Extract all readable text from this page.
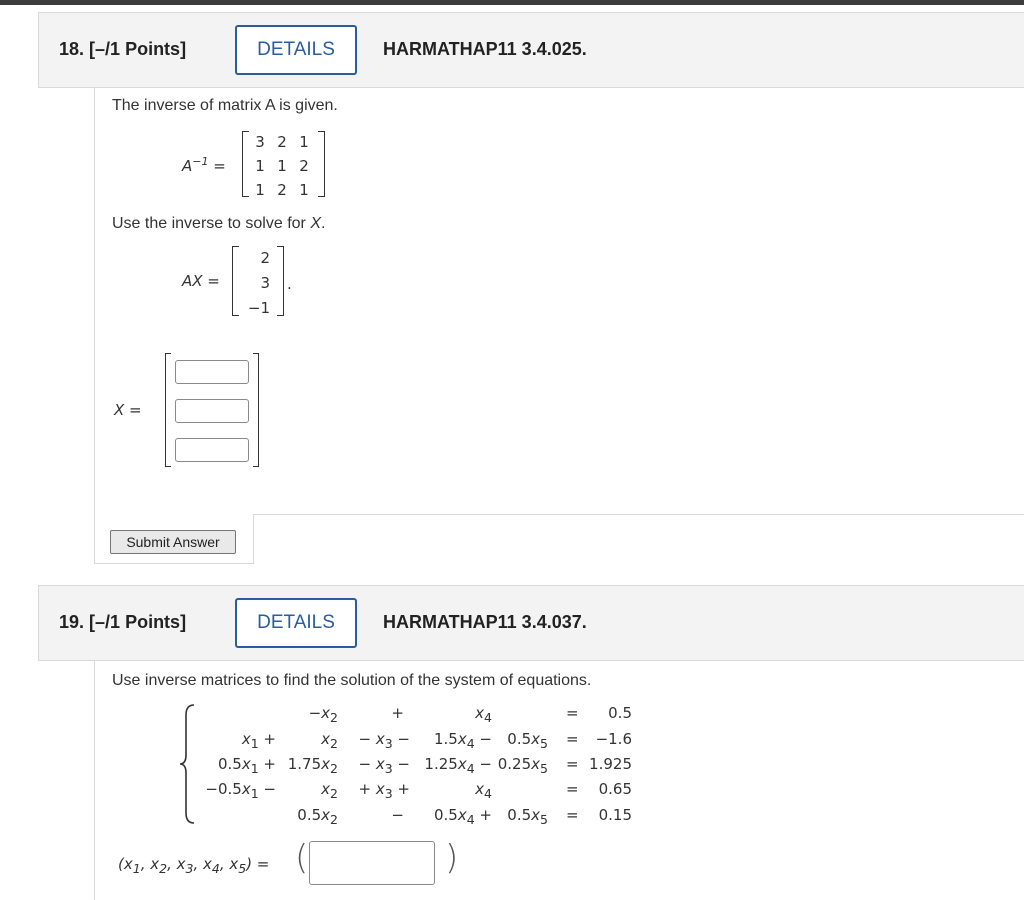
18. [–/1 Points]	DETAILS	HARMATHAP11 3.4.025.
The inverse of matrix A is given.
$A^{-1}$ =
3 2 1
1 1 2
1 2 1
Use the inverse to solve for X.
AX =
2
3
−1
.
X =
Submit Answer
19. [–/1 Points]	DETAILS	HARMATHAP11 3.4.037.
Use inverse matrices to find the solution of the system of equations.
$-x_2$	+	$x_4$	= 0.5
$x_1$ +	$x_2 - x_3 - 1.5x_4 - 0.5x_5 = -1.6$
$0.5x_1 + 1.75x_2 - x_3 - 1.25x_4 - 0.25x_5 = 1.925$
$-0.5x_1$ −	$x_2 + x_3$ +	$x_4$	= 0.65
$0.5x_2$	− $0.5x_4 + 0.5x_5 = 0.15$
($x_1$, $x_2$, $x_3$, $x_4$, $x_5$) = (	)
